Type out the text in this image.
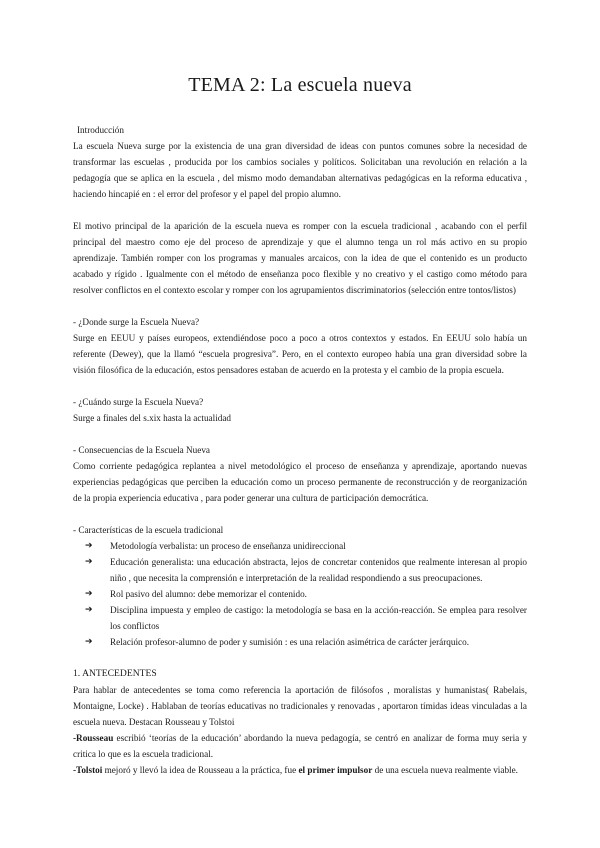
TEMA 2: La escuela nueva

Introducción

La escuela Nueva surge por la existencia de una gran diversidad de ideas con puntos comunes sobre la necesidad de transformar las escuelas , producida por los cambios sociales y políticos. Solicitaban una revolución en relación a la pedagogía que se aplica en la escuela , del mismo modo demandaban alternativas pedagógicas en la reforma educativa , haciendo hincapié en : el error del profesor y el papel del propio alumno.

El motivo principal de la aparición de la escuela nueva es romper con la escuela tradicional , acabando con el perfil principal del maestro como eje del proceso de aprendizaje y que el alumno tenga un rol más activo en su propio aprendizaje. También romper con los programas y manuales arcaicos, con la idea de que el contenido es un producto acabado y rígido . Igualmente con el método de enseñanza poco flexible y no creativo y el castigo como método para resolver conflictos en el contexto escolar y romper con los agrupamientos discriminatorios (selección entre tontos/listos)

- ¿Donde surge la Escuela Nueva?

Surge en EEUU y países europeos, extendiéndose poco a poco a otros contextos y estados. En EEUU solo había un referente (Dewey), que la llamó “escuela progresiva”. Pero, en el contexto europeo había una gran diversidad sobre la visión filosófica de la educación, estos pensadores estaban de acuerdo en la protesta y el cambio de la propia escuela.

- ¿Cuándo surge la Escuela Nueva?

Surge a finales del s.xix hasta la actualidad

- Consecuencias de la Escuela Nueva

Como corriente pedagógica replantea a nivel metodológico el proceso de enseñanza y aprendizaje, aportando nuevas experiencias pedagógicas que perciben la educación como un proceso permanente de reconstrucción y de reorganización de la propia experiencia educativa , para poder generar una cultura de participación democrática.

- Características de la escuela tradicional

➔ Metodología verbalista: un proceso de enseñanza unidireccional
➔ Educación generalista: una educación abstracta, lejos de concretar contenidos que realmente interesan al propio niño , que necesita la comprensión e interpretación de la realidad respondiendo a sus preocupaciones.
➔ Rol pasivo del alumno: debe memorizar el contenido.
➔ Disciplina impuesta y empleo de castigo: la metodología se basa en la acción-reacción. Se emplea para resolver los conflictos
➔ Relación profesor-alumno de poder y sumisión : es una relación asimétrica de carácter jerárquico.

1. ANTECEDENTES

Para hablar de antecedentes se toma como referencia la aportación de filósofos , moralistas y humanistas( Rabelais, Montaigne, Locke) . Hablaban de teorías educativas no tradicionales y renovadas , aportaron tímidas ideas vinculadas a la escuela nueva. Destacan Rousseau y Tolstoi

-Rousseau escribió ‘teorías de la educación’ abordando la nueva pedagogía, se centró en analizar de forma muy seria y critica lo que es la escuela tradicional.

-Tolstoi mejoró y llevó la idea de Rousseau a la práctica, fue el primer impulsor de una escuela nueva realmente viable.
